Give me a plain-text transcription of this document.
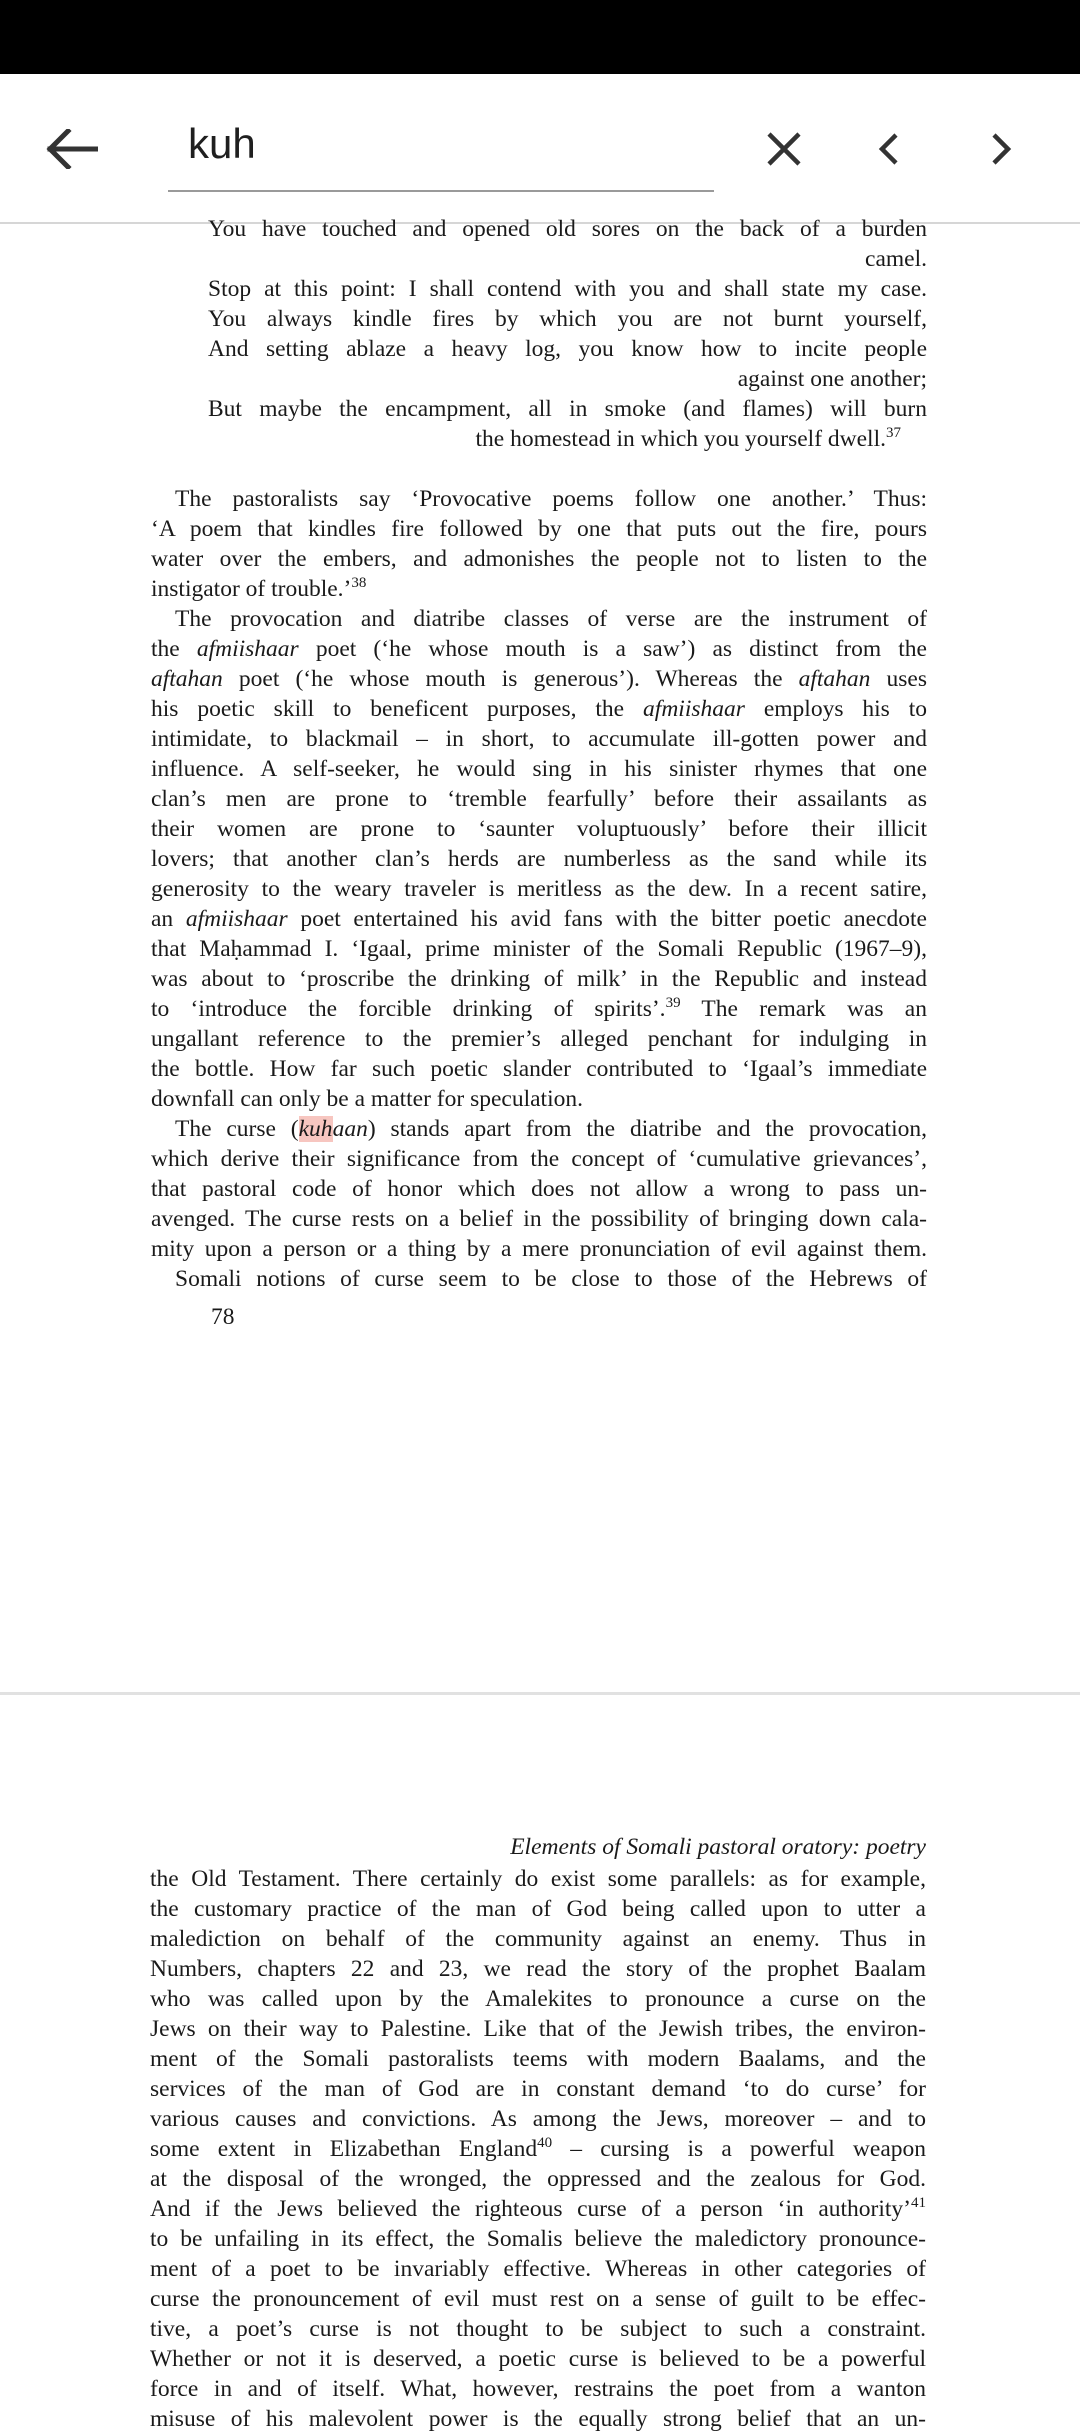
kuh
You have touched and opened old sores on the back of a burden
camel.
Stop at this point: I shall contend with you and shall state my case.
You always kindle fires by which you are not burnt yourself,
And setting ablaze a heavy log, you know how to incite people
against one another;
But maybe the encampment, all in smoke (and flames) will burn
the homestead in which you yourself dwell.$^{37}$
The pastoralists say ‘Provocative poems follow one another.’ Thus:
‘A poem that kindles fire followed by one that puts out the fire, pours
water over the embers, and admonishes the people not to listen to the
instigator of trouble.’$^{38}$
The provocation and diatribe classes of verse are the instrument of
the afmiishaar poet (‘he whose mouth is a saw’) as distinct from the
aftahan poet (‘he whose mouth is generous’). Whereas the aftahan uses
his poetic skill to beneficent purposes, the afmiishaar employs his to
intimidate, to blackmail – in short, to accumulate ill-gotten power and
influence. A self-seeker, he would sing in his sinister rhymes that one
clan’s men are prone to ‘tremble fearfully’ before their assailants as
their women are prone to ‘saunter voluptuously’ before their illicit
lovers; that another clan’s herds are numberless as the sand while its
generosity to the weary traveler is meritless as the dew. In a recent satire,
an afmiishaar poet entertained his avid fans with the bitter poetic anecdote
that Maḥammad I. ‘Igaal, prime minister of the Somali Republic (1967–9),
was about to ‘proscribe the drinking of milk’ in the Republic and instead
to ‘introduce the forcible drinking of spirits’.$^{39}$ The remark was an
ungallant reference to the premier’s alleged penchant for indulging in
the bottle. How far such poetic slander contributed to ‘Igaal’s immediate
downfall can only be a matter for speculation.
The curse (kuhaan) stands apart from the diatribe and the provocation,
which derive their significance from the concept of ‘cumulative grievances’,
that pastoral code of honor which does not allow a wrong to pass un-
avenged. The curse rests on a belief in the possibility of bringing down cala-
mity upon a person or a thing by a mere pronunciation of evil against them.
Somali notions of curse seem to be close to those of the Hebrews of
78
Elements of Somali pastoral oratory: poetry
the Old Testament. There certainly do exist some parallels: as for example,
the customary practice of the man of God being called upon to utter a
malediction on behalf of the community against an enemy. Thus in
Numbers, chapters 22 and 23, we read the story of the prophet Baalam
who was called upon by the Amalekites to pronounce a curse on the
Jews on their way to Palestine. Like that of the Jewish tribes, the environ-
ment of the Somali pastoralists teems with modern Baalams, and the
services of the man of God are in constant demand ‘to do curse’ for
various causes and convictions. As among the Jews, moreover – and to
some extent in Elizabethan England$^{40}$ – cursing is a powerful weapon
at the disposal of the wronged, the oppressed and the zealous for God.
And if the Jews believed the righteous curse of a person ‘in authority’$^{41}$
to be unfailing in its effect, the Somalis believe the maledictory pronounce-
ment of a poet to be invariably effective. Whereas in other categories of
curse the pronouncement of evil must rest on a sense of guilt to be effec-
tive, a poet’s curse is not thought to be subject to such a constraint.
Whether or not it is deserved, a poetic curse is believed to be a powerful
force in and of itself. What, however, restrains the poet from a wanton
misuse of his malevolent power is the equally strong belief that an un-
